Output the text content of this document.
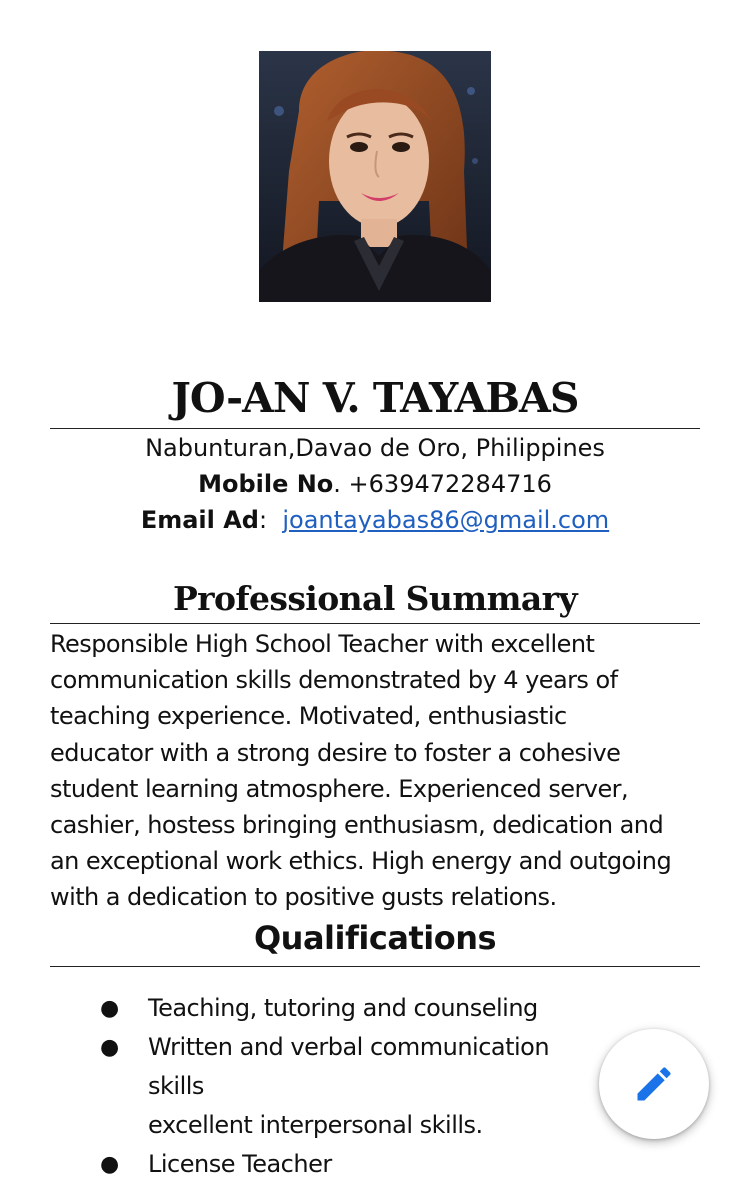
JO-AN V. TAYABAS
Nabunturan,Davao de Oro, Philippines
Mobile No. +639472284716
Email Ad:  joantayabas86@gmail.com
Professional Summary
Responsible High School Teacher with excellent
communication skills demonstrated by 4 years of
teaching experience. Motivated, enthusiastic
educator with a strong desire to foster a cohesive
student learning atmosphere. Experienced server,
cashier, hostess bringing enthusiasm, dedication and
an exceptional work ethics. High energy and outgoing
with a dedication to positive gusts relations.
Qualifications
● Teaching, tutoring and counseling
● Written and verbal communication skills
excellent interpersonal skills.
● License Teacher
